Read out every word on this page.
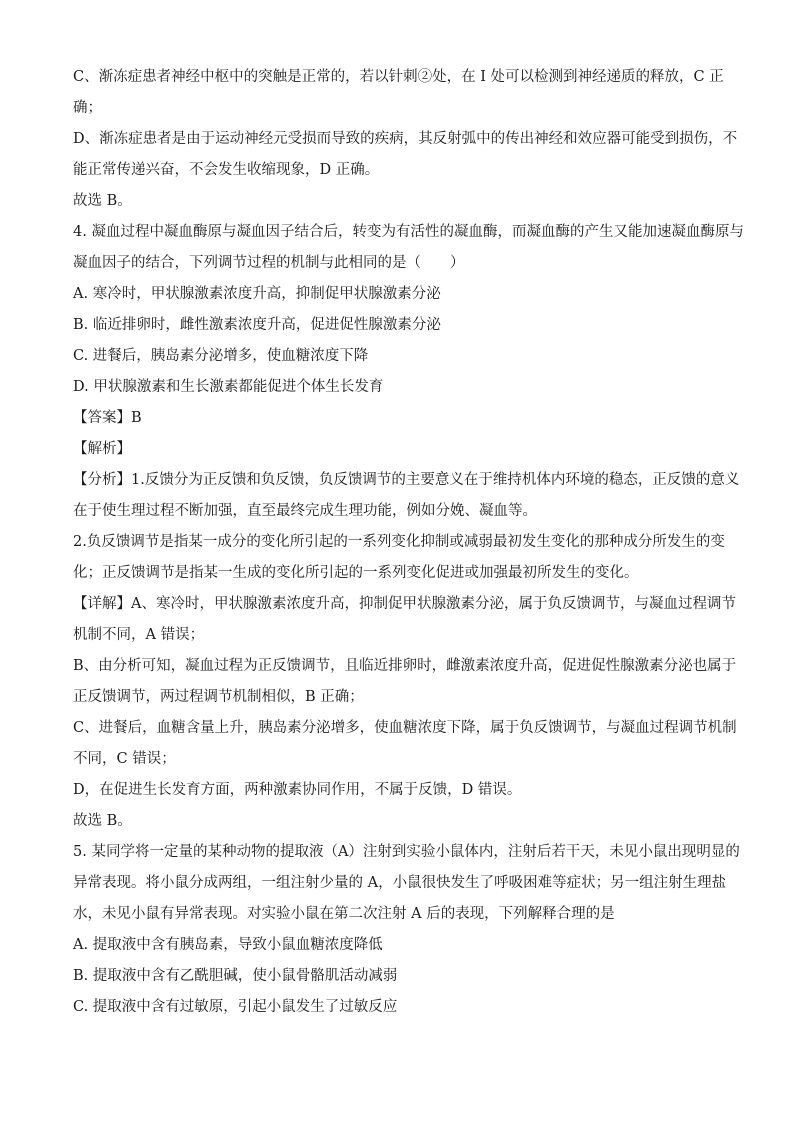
C、渐冻症患者神经中枢中的突触是正常的，若以针刺②处，在 I 处可以检测到神经递质的释放，C 正
确；
D、渐冻症患者是由于运动神经元受损而导致的疾病，其反射弧中的传出神经和效应器可能受到损伤，不
能正常传递兴奋，不会发生收缩现象，D 正确。
故选 B。
4. 凝血过程中凝血酶原与凝血因子结合后，转变为有活性的凝血酶，而凝血酶的产生又能加速凝血酶原与
凝血因子的结合，下列调节过程的机制与此相同的是（　　）
A. 寒冷时，甲状腺激素浓度升高，抑制促甲状腺激素分泌
B. 临近排卵时，雌性激素浓度升高，促进促性腺激素分泌
C. 进餐后，胰岛素分泌增多，使血糖浓度下降
D. 甲状腺激素和生长激素都能促进个体生长发育
【答案】B
【解析】
【分析】1.反馈分为正反馈和负反馈，负反馈调节的主要意义在于维持机体内环境的稳态，正反馈的意义
在于使生理过程不断加强，直至最终完成生理功能，例如分娩、凝血等。
2.负反馈调节是指某一成分的变化所引起的一系列变化抑制或减弱最初发生变化的那种成分所发生的变
化；正反馈调节是指某一生成的变化所引起的一系列变化促进或加强最初所发生的变化。
【详解】A、寒冷时，甲状腺激素浓度升高，抑制促甲状腺激素分泌，属于负反馈调节，与凝血过程调节
机制不同，A 错误；
B、由分析可知，凝血过程为正反馈调节，且临近排卵时，雌激素浓度升高，促进促性腺激素分泌也属于
正反馈调节，两过程调节机制相似，B 正确；
C、进餐后，血糖含量上升，胰岛素分泌增多，使血糖浓度下降，属于负反馈调节，与凝血过程调节机制
不同，C 错误；
D，在促进生长发育方面，两种激素协同作用，不属于反馈，D 错误。
故选 B。
5. 某同学将一定量的某种动物的提取液（A）注射到实验小鼠体内，注射后若干天，未见小鼠出现明显的
异常表现。将小鼠分成两组，一组注射少量的 A，小鼠很快发生了呼吸困难等症状；另一组注射生理盐
水，未见小鼠有异常表现。对实验小鼠在第二次注射 A 后的表现，下列解释合理的是
A. 提取液中含有胰岛素，导致小鼠血糖浓度降低
B. 提取液中含有乙酰胆碱，使小鼠骨骼肌活动减弱
C. 提取液中含有过敏原，引起小鼠发生了过敏反应
